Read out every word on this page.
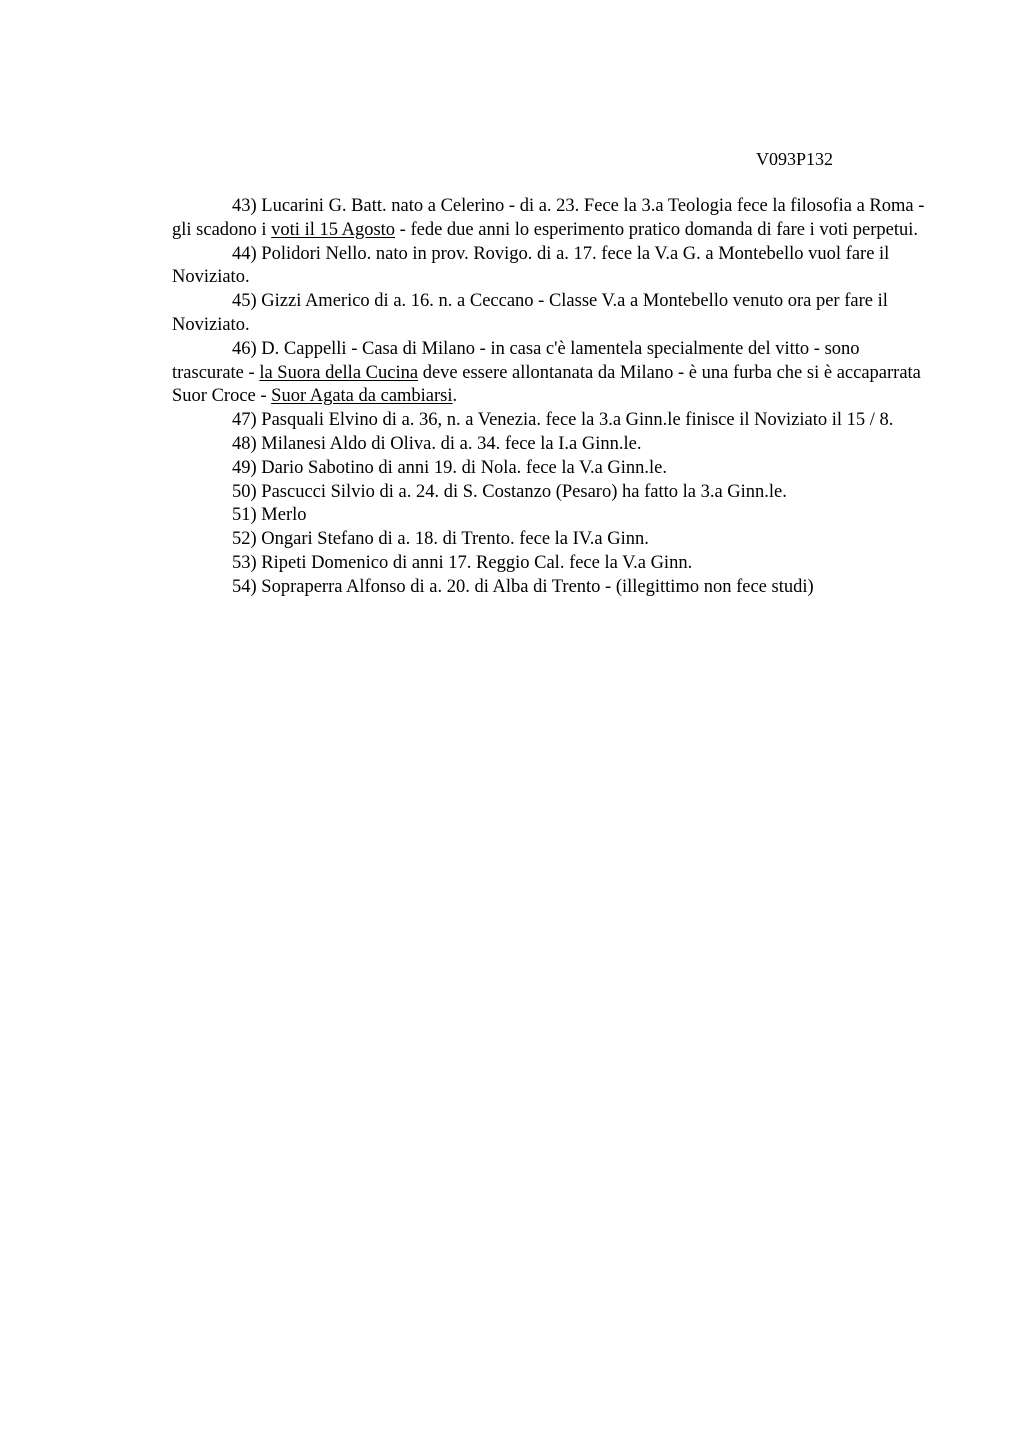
V093P132

43) Lucarini G. Batt. nato a Celerino - di a. 23. Fece la 3.a Teologia fece la filosofia a Roma - gli scadono i voti il 15 Agosto - fede due anni lo esperimento pratico domanda di fare i voti perpetui.

44) Polidori Nello. nato in prov. Rovigo. di a. 17. fece la V.a G. a Montebello vuol fare il Noviziato.

45) Gizzi Americo di a. 16. n. a Ceccano - Classe V.a a Montebello venuto ora per fare il Noviziato.

46) D. Cappelli - Casa di Milano - in casa c'è lamentela specialmente del vitto - sono trascurate - la Suora della Cucina deve essere allontanata da Milano - è una furba che si è accaparrata Suor Croce - Suor Agata da cambiarsi.

47) Pasquali Elvino di a. 36, n. a Venezia. fece la 3.a Ginn.le finisce il Noviziato il 15 / 8.

48) Milanesi Aldo di Oliva. di a. 34. fece la I.a Ginn.le.

49) Dario Sabotino di anni 19. di Nola. fece la V.a Ginn.le.

50) Pascucci Silvio di a. 24. di S. Costanzo (Pesaro) ha fatto la 3.a Ginn.le.

51) Merlo

52) Ongari Stefano di a. 18. di Trento. fece la IV.a Ginn.

53) Ripeti Domenico di anni 17. Reggio Cal. fece la V.a Ginn.

54) Sopraperra Alfonso di a. 20. di Alba di Trento - (illegittimo non fece studi)
